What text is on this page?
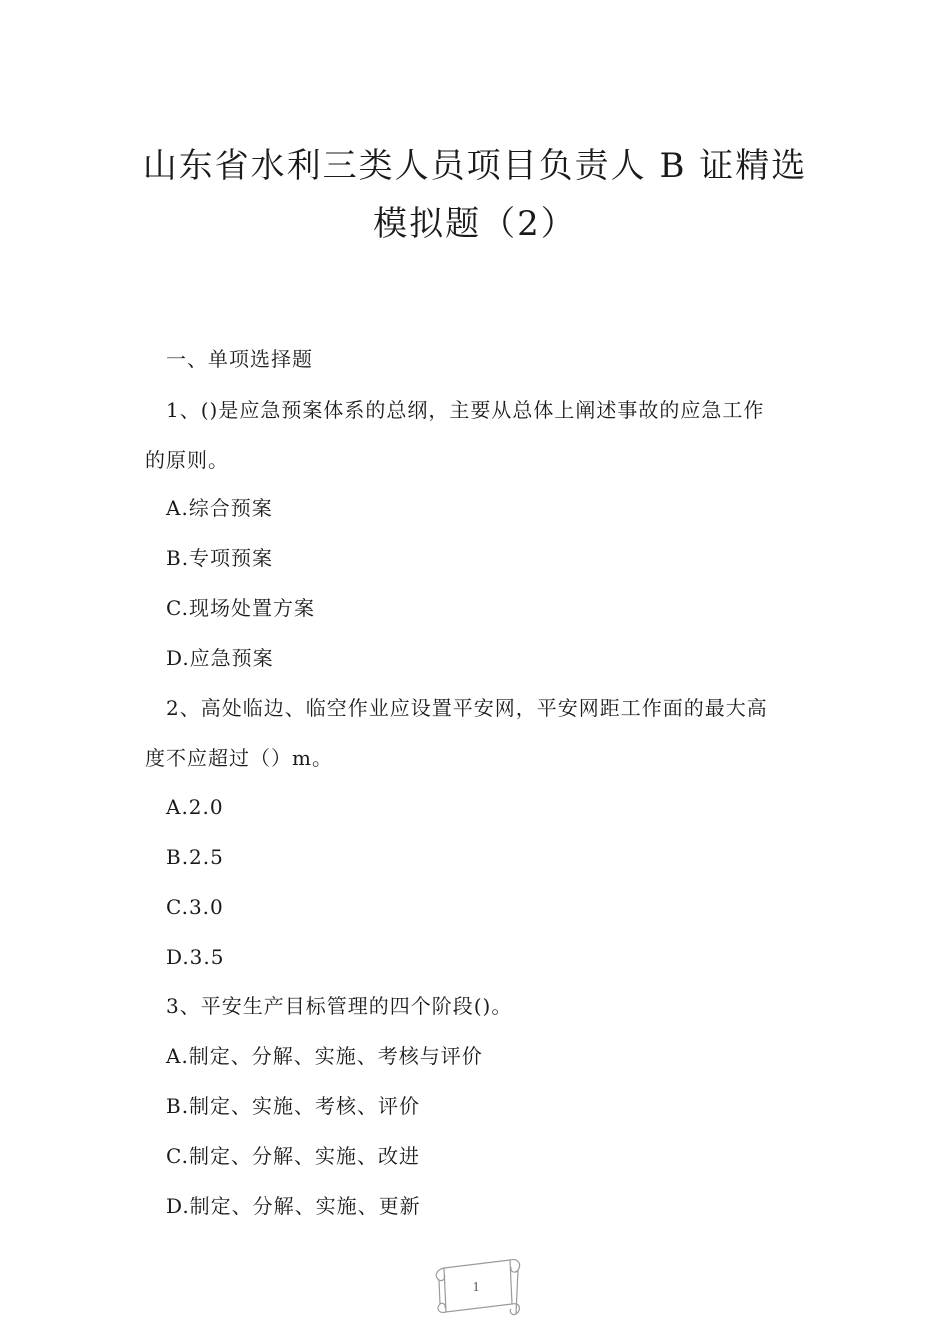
山东省水利三类人员项目负责人 B 证精选
模拟题（2）
一、单项选择题
1、()是应急预案体系的总纲，主要从总体上阐述事故的应急工作
的原则。
A.综合预案
B.专项预案
C.现场处置方案
D.应急预案
2、高处临边、临空作业应设置平安网，平安网距工作面的最大高
度不应超过（）m。
A.2.0
B.2.5
C.3.0
D.3.5
3、平安生产目标管理的四个阶段()。
A.制定、分解、实施、考核与评价
B.制定、实施、考核、评价
C.制定、分解、实施、改进
D.制定、分解、实施、更新
1
